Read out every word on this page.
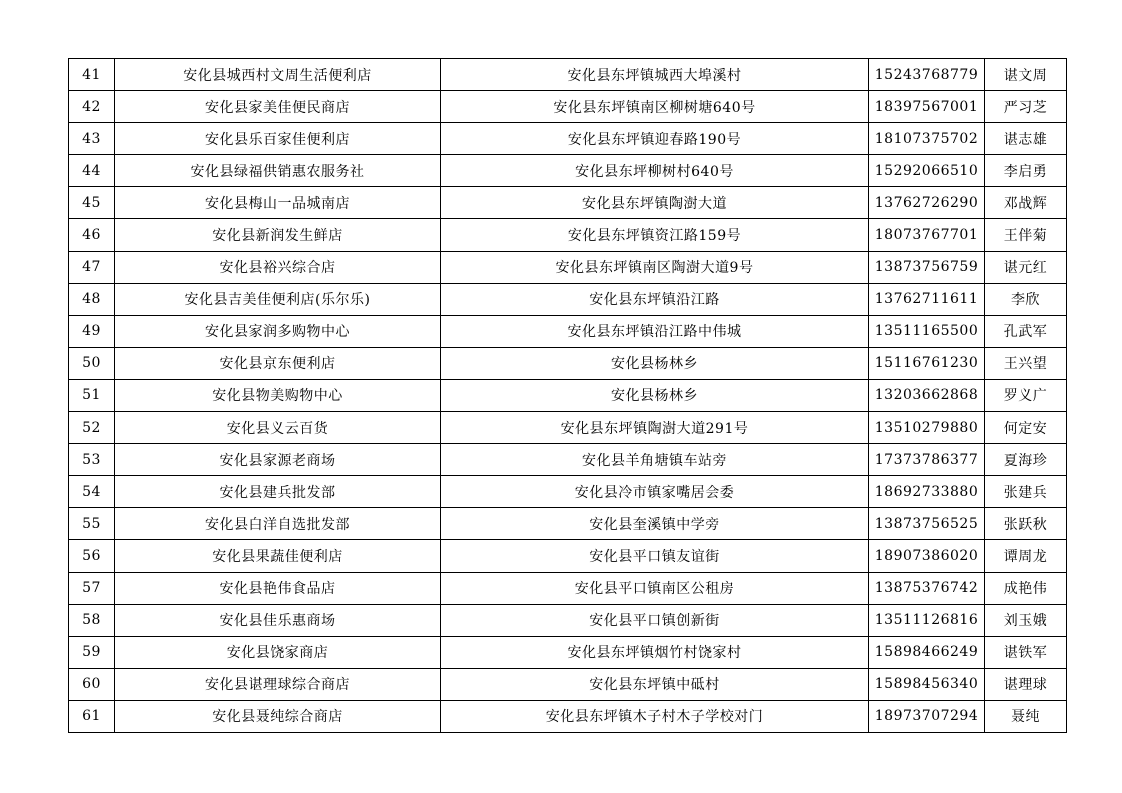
41	安化县城西村文周生活便利店	安化县东坪镇城西大埠溪村	15243768779	谌文周
42	安化县家美佳便民商店	安化县东坪镇南区柳树塘640号	18397567001	严习芝
43	安化县乐百家佳便利店	安化县东坪镇迎春路190号	18107375702	谌志雄
44	安化县绿福供销惠农服务社	安化县东坪柳树村640号	15292066510	李启勇
45	安化县梅山一品城南店	安化县东坪镇陶澍大道	13762726290	邓战辉
46	安化县新润发生鲜店	安化县东坪镇资江路159号	18073767701	王伴菊
47	安化县裕兴综合店	安化县东坪镇南区陶澍大道9号	13873756759	谌元红
48	安化县吉美佳便利店(乐尔乐)	安化县东坪镇沿江路	13762711611	李欣
49	安化县家润多购物中心	安化县东坪镇沿江路中伟城	13511165500	孔武军
50	安化县京东便利店	安化县杨林乡	15116761230	王兴望
51	安化县物美购物中心	安化县杨林乡	13203662868	罗义广
52	安化县义云百货	安化县东坪镇陶澍大道291号	13510279880	何定安
53	安化县家源老商场	安化县羊角塘镇车站旁	17373786377	夏海珍
54	安化县建兵批发部	安化县冷市镇家嘴居会委	18692733880	张建兵
55	安化县白洋自选批发部	安化县奎溪镇中学旁	13873756525	张跃秋
56	安化县果蔬佳便利店	安化县平口镇友谊街	18907386020	谭周龙
57	安化县艳伟食品店	安化县平口镇南区公租房	13875376742	成艳伟
58	安化县佳乐惠商场	安化县平口镇创新街	13511126816	刘玉娥
59	安化县饶家商店	安化县东坪镇烟竹村饶家村	15898466249	谌铁军
60	安化县谌理球综合商店	安化县东坪镇中砥村	15898456340	谌理球
61	安化县聂纯综合商店	安化县东坪镇木子村木子学校对门	18973707294	聂纯
